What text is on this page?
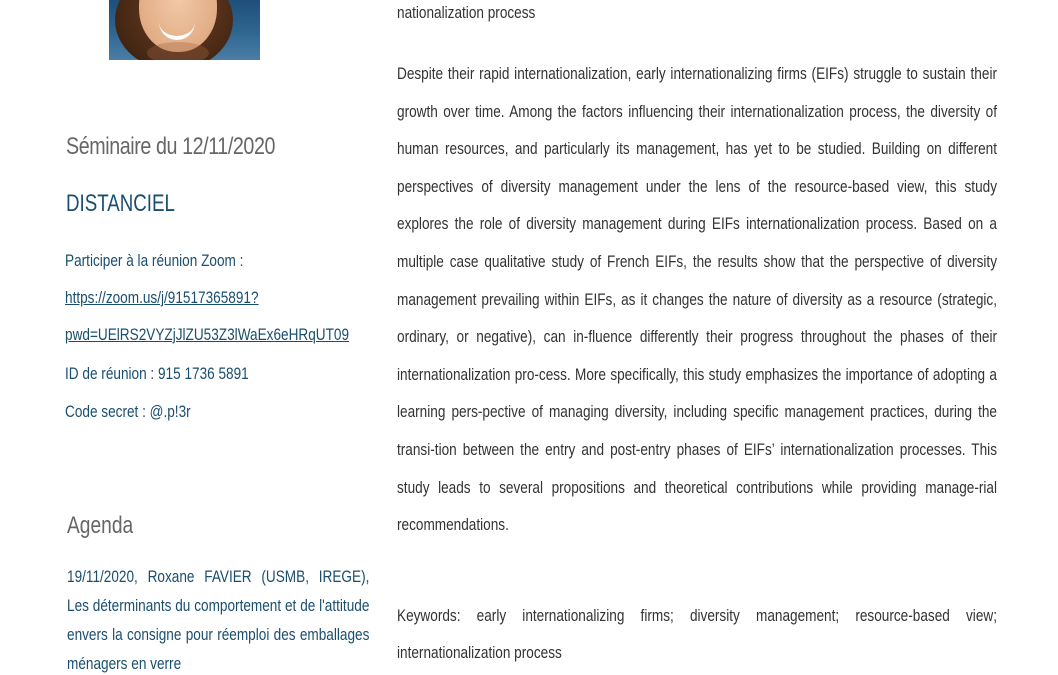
Séminaire du 12/11/2020
DISTANCIEL
Participer à la réunion Zoom :
https://zoom.us/j/91517365891?
pwd=UElRS2VYZjJlZU53Z3lWaEx6eHRqUT09
ID de réunion : 915 1736 5891
Code secret : @.p!3r
Agenda
19/11/2020, Roxane FAVIER (USMB, IREGE), Les déterminants du comportement et de l'attitude envers la consigne pour réemploi des emballages ménagers en verre
nationalization process

Despite their rapid internationalization, early internationalizing firms (EIFs) struggle to sustain their growth over time. Among the factors influencing their internationalization process, the diversity of human resources, and particularly its management, has yet to be studied. Building on different perspectives of diversity management under the lens of the resource-based view, this study explores the role of diversity management during EIFs internationalization process. Based on a multiple case qualitative study of French EIFs, the results show that the perspective of diversity management prevailing within EIFs, as it changes the nature of diversity as a resource (strategic, ordinary, or negative), can in-fluence differently their progress throughout the phases of their internationalization pro-cess. More specifically, this study emphasizes the importance of adopting a learning pers-pective of managing diversity, including specific management practices, during the transi-tion between the entry and post-entry phases of EIFs’ internationalization processes. This study leads to several propositions and theoretical contributions while providing manage-rial recommendations.

Keywords: early internationalizing firms; diversity management; resource-based view; internationalization process
